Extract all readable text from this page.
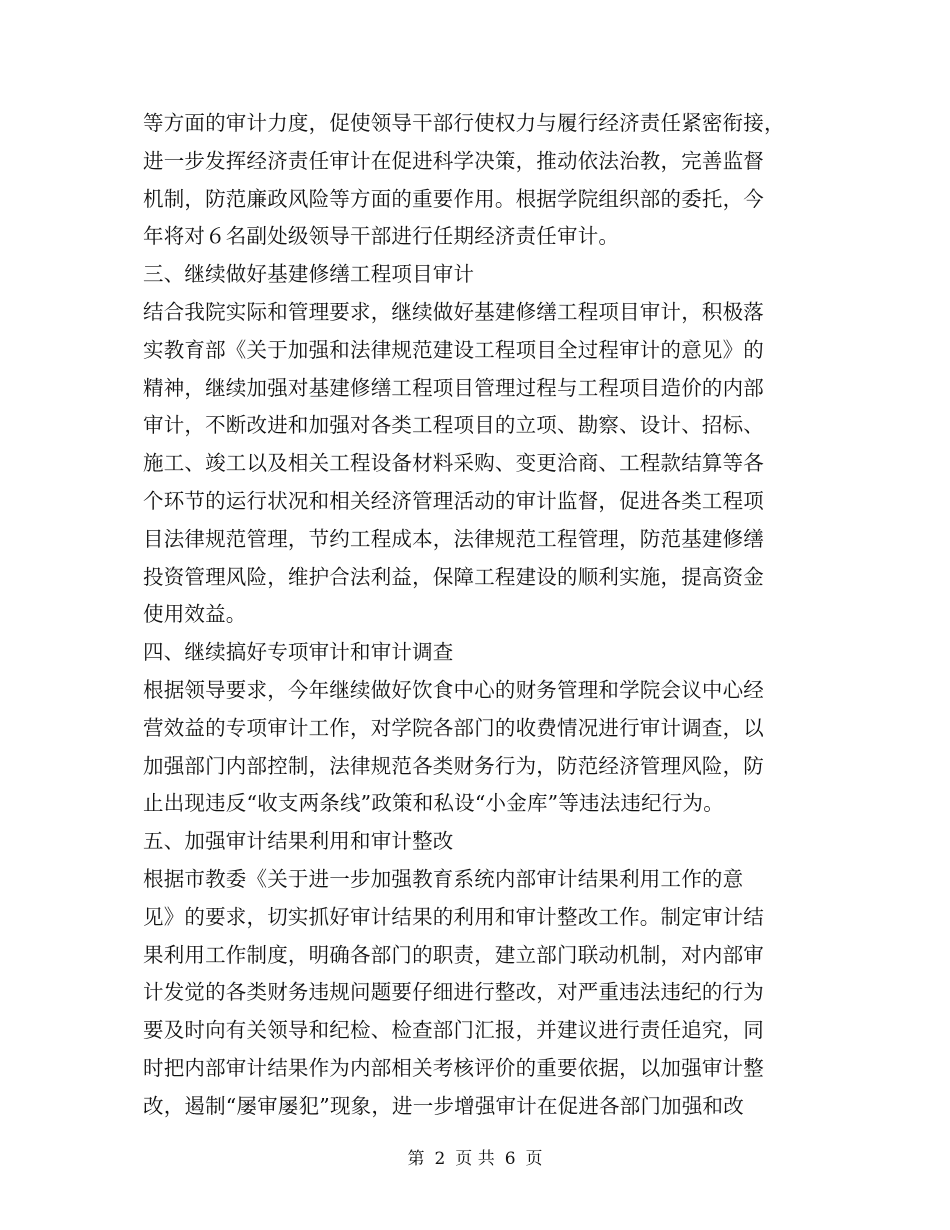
等方面的审计力度，促使领导干部行使权力与履行经济责任紧密衔接，
进一步发挥经济责任审计在促进科学决策，推动依法治教，完善监督
机制，防范廉政风险等方面的重要作用。根据学院组织部的委托，今
年将对６名副处级领导干部进行任期经济责任审计。
三、继续做好基建修缮工程项目审计
结合我院实际和管理要求，继续做好基建修缮工程项目审计，积极落
实教育部《关于加强和法律规范建设工程项目全过程审计的意见》的
精神，继续加强对基建修缮工程项目管理过程与工程项目造价的内部
审计，不断改进和加强对各类工程项目的立项、勘察、设计、招标、
施工、竣工以及相关工程设备材料采购、变更洽商、工程款结算等各
个环节的运行状况和相关经济管理活动的审计监督，促进各类工程项
目法律规范管理，节约工程成本，法律规范工程管理，防范基建修缮
投资管理风险，维护合法利益，保障工程建设的顺利实施，提高资金
使用效益。
四、继续搞好专项审计和审计调查
根据领导要求，今年继续做好饮食中心的财务管理和学院会议中心经
营效益的专项审计工作，对学院各部门的收费情况进行审计调查，以
加强部门内部控制，法律规范各类财务行为，防范经济管理风险，防
止出现违反“收支两条线”政策和私设“小金库”等违法违纪行为。
五、加强审计结果利用和审计整改
根据市教委《关于进一步加强教育系统内部审计结果利用工作的意
见》的要求，切实抓好审计结果的利用和审计整改工作。制定审计结
果利用工作制度，明确各部门的职责，建立部门联动机制，对内部审
计发觉的各类财务违规问题要仔细进行整改，对严重违法违纪的行为
要及时向有关领导和纪检、检查部门汇报，并建议进行责任追究，同
时把内部审计结果作为内部相关考核评价的重要依据，以加强审计整
改，遏制“屡审屡犯”现象，进一步增强审计在促进各部门加强和改
第 2 页 共 6 页
